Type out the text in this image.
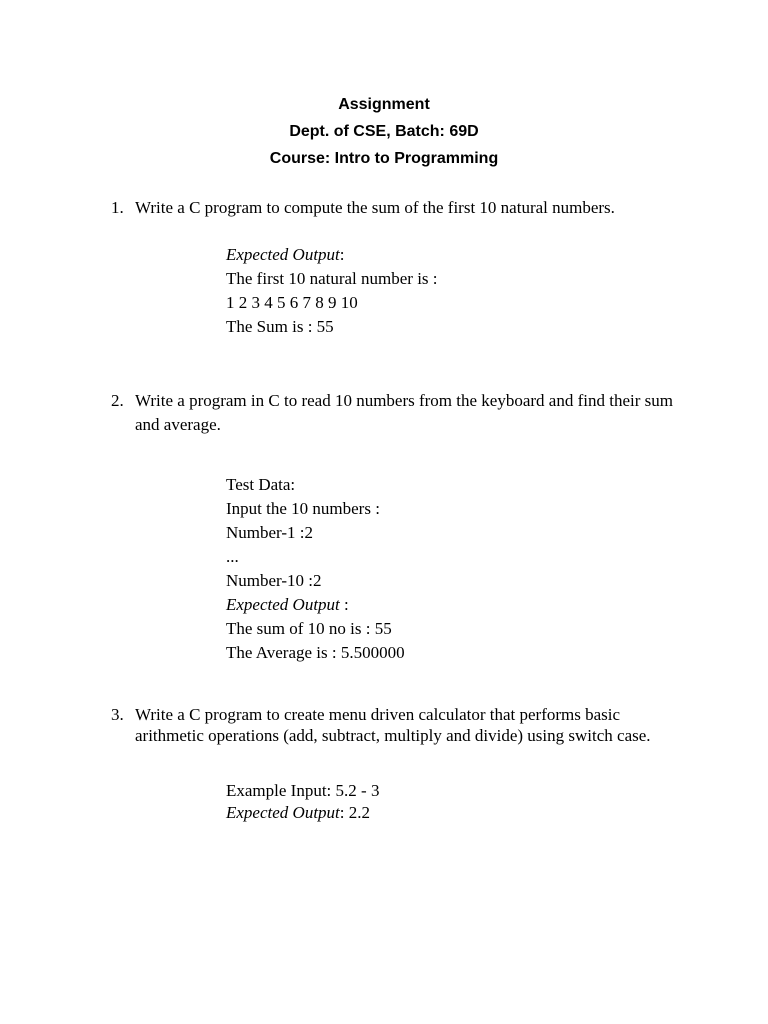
Assignment
Dept. of CSE, Batch: 69D
Course: Intro to Programming
1. Write a C program to compute the sum of the first 10 natural numbers.
Expected Output:
The first 10 natural number is :
1 2 3 4 5 6 7 8 9 10
The Sum is : 55
2. Write a program in C to read 10 numbers from the keyboard and find their sum and average.
Test Data:
Input the 10 numbers :
Number-1 :2
...
Number-10 :2
Expected Output :
The sum of 10 no is : 55
The Average is : 5.500000
3. Write a C program to create menu driven calculator that performs basic arithmetic operations (add, subtract, multiply and divide) using switch case.
Example Input: 5.2 - 3
Expected Output: 2.2
